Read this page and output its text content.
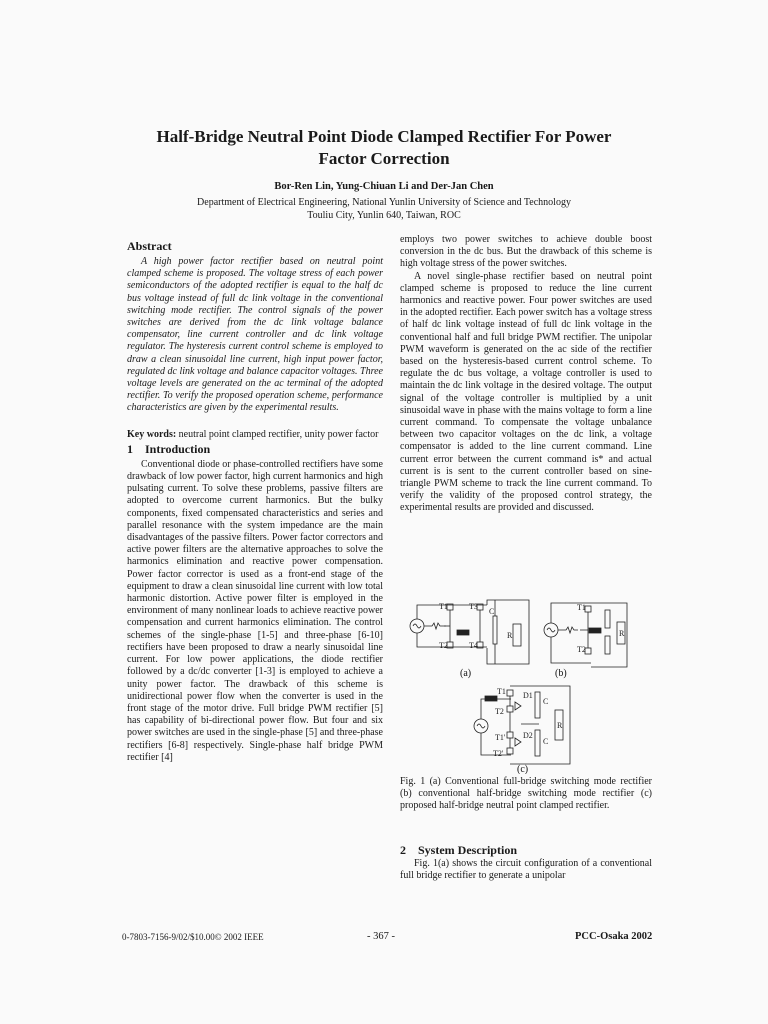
Half-Bridge Neutral Point Diode Clamped Rectifier For Power
Factor Correction
Bor-Ren Lin, Yung-Chiuan Li and Der-Jan Chen
Department of Electrical Engineering, National Yunlin University of Science and Technology
Touliu City, Yunlin 640, Taiwan, ROC
Abstract

A high power factor rectifier based on neutral point clamped scheme is proposed. The voltage stress of each power semiconductors of the adopted rectifier is equal to the half dc bus voltage instead of full dc link voltage in the conventional switching mode rectifier. The control signals of the power switches are derived from the dc link voltage balance compensator, line current controller and dc link voltage regulator. The hysteresis current control scheme is employed to draw a clean sinusoidal line current, high input power factor, regulated dc link voltage and balance capacitor voltages. Three voltage levels are generated on the ac terminal of the adopted rectifier. To verify the proposed operation scheme, performance characteristics are given by the experimental results.

Key words: neutral point clamped rectifier, unity power factor

1 Introduction

Conventional diode or phase-controlled rectifiers have some drawback of low power factor, high current harmonics and high pulsating current. To solve these problems, passive filters are adopted to overcome current harmonics. But the bulky components, fixed compensated characteristics and series and parallel resonance with the system impedance are the main disadvantages of the passive filters. Power factor correctors and active power filters are the alternative approaches to solve the harmonics elimination and reactive power compensation. Power factor corrector is used as a front-end stage of the equipment to draw a clean sinusoidal line current with low total harmonic distortion. Active power filter is employed in the environment of many nonlinear loads to achieve reactive power compensation and current harmonics elimination. The control schemes of the single-phase [1-5] and three-phase [6-10] rectifiers have been proposed to draw a nearly sinusoidal line current. For low power applications, the diode rectifier followed by a dc/dc converter [1-3] is employed to achieve a unity power factor. The drawback of this scheme is unidirectional power flow when the converter is used in the front stage of the motor drive. Full bridge PWM rectifier [5] has capability of bi-directional power flow. But four and six power switches are used in the single-phase [5] and three-phase rectifiers [6-8] respectively. Single-phase half bridge PWM rectifier [4]

employs two power switches to achieve double boost conversion in the dc bus. But the drawback of this scheme is high voltage stress of the power switches.

A novel single-phase rectifier based on neutral point clamped scheme is proposed to reduce the line current harmonics and reactive power. Four power switches are used in the adopted rectifier. Each power switch has a voltage stress of half dc link voltage instead of full dc link voltage in the conventional half and full bridge PWM rectifier. The unipolar PWM waveform is generated on the ac side of the rectifier based on the hysteresis-based current control scheme. To regulate the dc bus voltage, a voltage controller is used to maintain the dc link voltage in the desired voltage. The output signal of the voltage controller is multiplied by a unit sinusoidal wave in phase with the mains voltage to form a line current command. To compensate the voltage unbalance between two capacitor voltages on the dc link, a voltage compensator is added to the line current command. Line current error between the current command is* and actual current is is sent to the current controller based on sine-triangle PWM scheme to track the line current command. To verify the validity of the proposed control strategy, the experimental results are provided and discussed.

T1	T3
T2	T4
R
C	T1
T2
R
T1
T2
T1'
T2'
D1
D2
R
C
C
(a)	(b)
(c)
Fig. 1 (a) Conventional full-bridge switching mode rectifier (b) conventional half-bridge switching mode rectifier (c) proposed half-bridge neutral point clamped rectifier.
2 System Description

Fig. 1(a) shows the circuit configuration of a conventional full bridge rectifier to generate a unipolar

0-7803-7156-9/02/$10.00© 2002 IEEE	- 367 -	PCC-Osaka 2002
